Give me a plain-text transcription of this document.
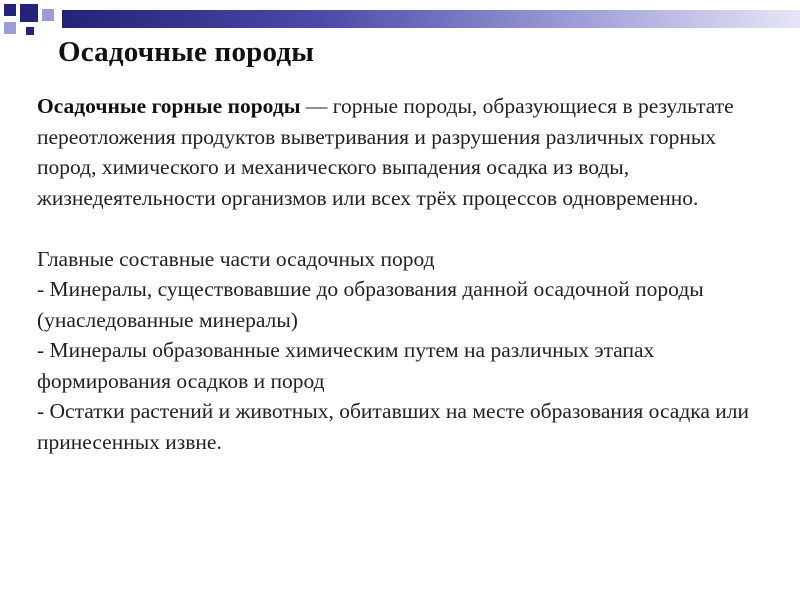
Осадочные породы

Осадочные горные породы — горные породы, образующиеся в результате переотложения продуктов выветривания и разрушения различных горных пород, химического и механического выпадения осадка из воды, жизнедеятельности организмов или всех трёх процессов одновременно.

Главные составные части осадочных пород

- Минералы, существовавшие до образования данной осадочной породы (унаследованные минералы)

- Минералы образованные химическим путем на различных этапах формирования осадков и пород

- Остатки растений и животных, обитавших на месте образования осадка или принесенных извне.
